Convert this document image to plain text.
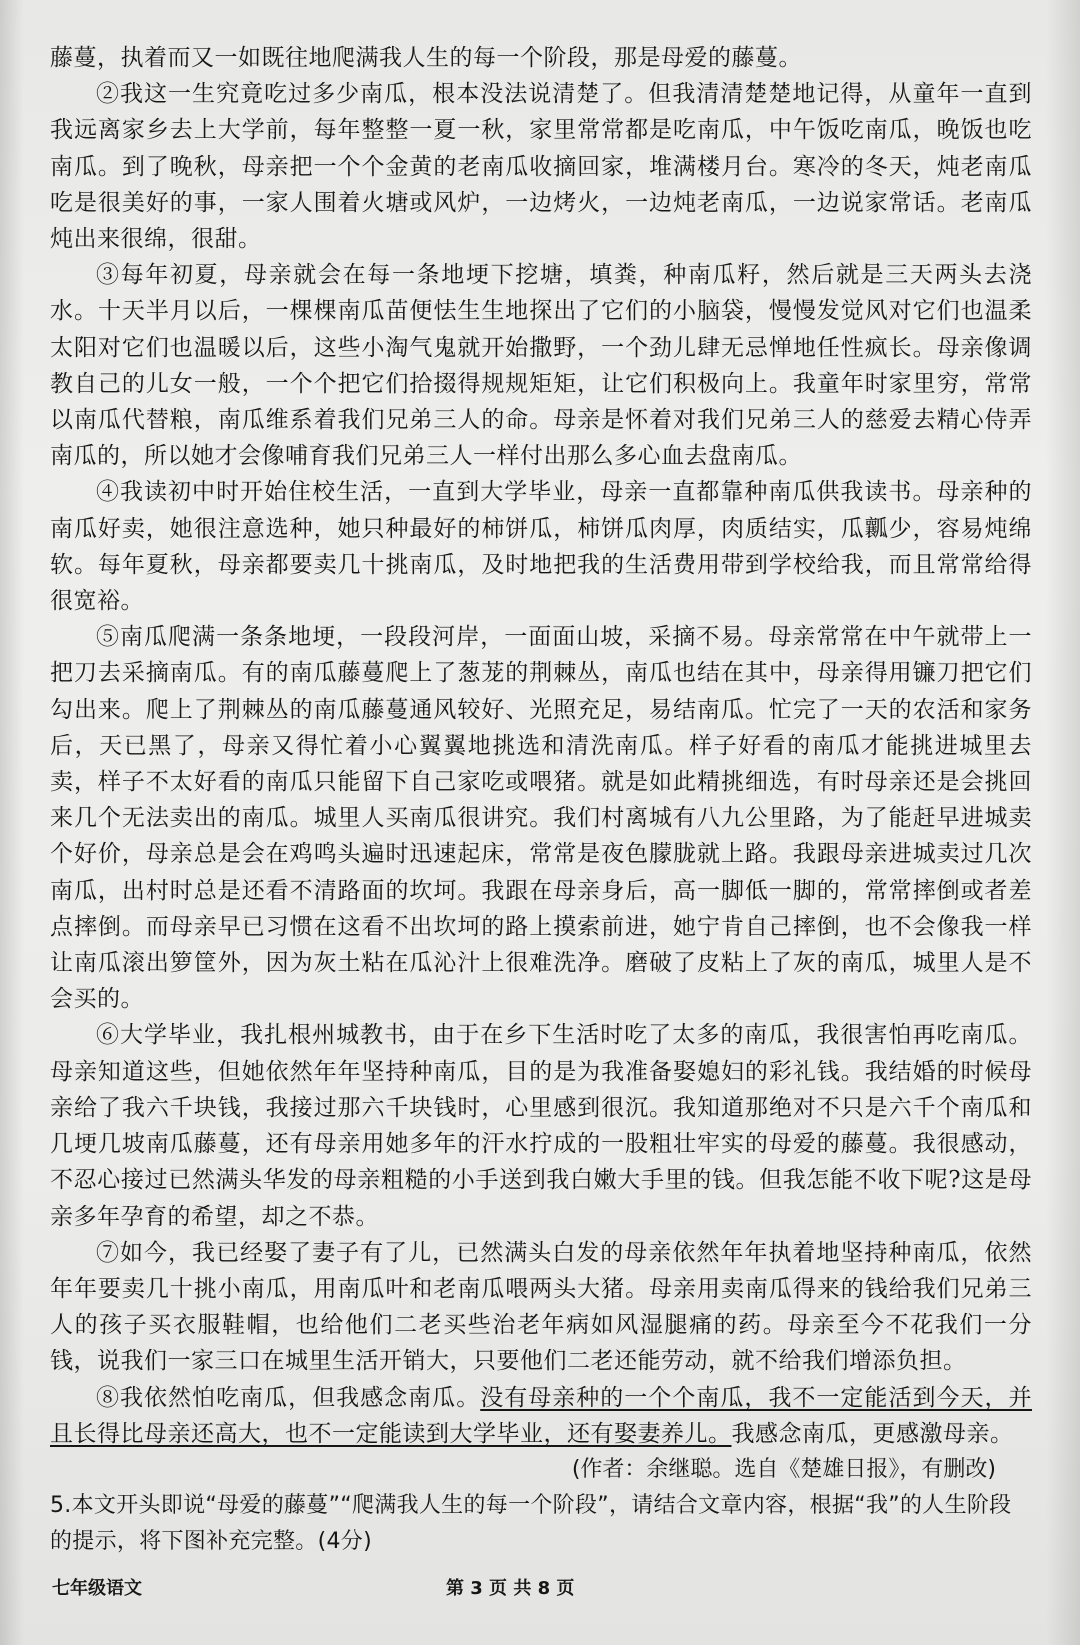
藤蔓，执着而又一如既往地爬满我人生的每一个阶段，那是母爱的藤蔓。

②我这一生究竟吃过多少南瓜，根本没法说清楚了。但我清清楚楚地记得，从童年一直到我远离家乡去上大学前，每年整整一夏一秋，家里常常都是吃南瓜，中午饭吃南瓜，晚饭也吃南瓜。到了晚秋，母亲把一个个金黄的老南瓜收摘回家，堆满楼月台。寒冷的冬天，炖老南瓜吃是很美好的事，一家人围着火塘或风炉，一边烤火，一边炖老南瓜，一边说家常话。老南瓜炖出来很绵，很甜。

③每年初夏，母亲就会在每一条地埂下挖塘，填粪，种南瓜籽，然后就是三天两头去浇水。十天半月以后，一棵棵南瓜苗便怯生生地探出了它们的小脑袋，慢慢发觉风对它们也温柔太阳对它们也温暖以后，这些小淘气鬼就开始撒野，一个劲儿肆无忌惮地任性疯长。母亲像调教自己的儿女一般，一个个把它们拾掇得规规矩矩，让它们积极向上。我童年时家里穷，常常以南瓜代替粮，南瓜维系着我们兄弟三人的命。母亲是怀着对我们兄弟三人的慈爱去精心侍弄南瓜的，所以她才会像哺育我们兄弟三人一样付出那么多心血去盘南瓜。

④我读初中时开始住校生活，一直到大学毕业，母亲一直都靠种南瓜供我读书。母亲种的南瓜好卖，她很注意选种，她只种最好的柿饼瓜，柿饼瓜肉厚，肉质结实，瓜瓤少，容易炖绵软。每年夏秋，母亲都要卖几十挑南瓜，及时地把我的生活费用带到学校给我，而且常常给得很宽裕。

⑤南瓜爬满一条条地埂，一段段河岸，一面面山坡，采摘不易。母亲常常在中午就带上一把刀去采摘南瓜。有的南瓜藤蔓爬上了葱茏的荆棘丛，南瓜也结在其中，母亲得用镰刀把它们勾出来。爬上了荆棘丛的南瓜藤蔓通风较好、光照充足，易结南瓜。忙完了一天的农活和家务后，天已黑了，母亲又得忙着小心翼翼地挑选和清洗南瓜。样子好看的南瓜才能挑进城里去卖，样子不太好看的南瓜只能留下自己家吃或喂猪。就是如此精挑细选，有时母亲还是会挑回来几个无法卖出的南瓜。城里人买南瓜很讲究。我们村离城有八九公里路，为了能赶早进城卖个好价，母亲总是会在鸡鸣头遍时迅速起床，常常是夜色朦胧就上路。我跟母亲进城卖过几次南瓜，出村时总是还看不清路面的坎坷。我跟在母亲身后，高一脚低一脚的，常常摔倒或者差点摔倒。而母亲早已习惯在这看不出坎坷的路上摸索前进，她宁肯自己摔倒，也不会像我一样让南瓜滚出箩筐外，因为灰土粘在瓜沁汁上很难洗净。磨破了皮粘上了灰的南瓜，城里人是不会买的。

⑥大学毕业，我扎根州城教书，由于在乡下生活时吃了太多的南瓜，我很害怕再吃南瓜。母亲知道这些，但她依然年年坚持种南瓜，目的是为我准备娶媳妇的彩礼钱。我结婚的时候母亲给了我六千块钱，我接过那六千块钱时，心里感到很沉。我知道那绝对不只是六千个南瓜和几埂几坡南瓜藤蔓，还有母亲用她多年的汗水拧成的一股粗壮牢实的母爱的藤蔓。我很感动，不忍心接过已然满头华发的母亲粗糙的小手送到我白嫩大手里的钱。但我怎能不收下呢?这是母亲多年孕育的希望，却之不恭。

⑦如今，我已经娶了妻子有了儿，已然满头白发的母亲依然年年执着地坚持种南瓜，依然年年要卖几十挑小南瓜，用南瓜叶和老南瓜喂两头大猪。母亲用卖南瓜得来的钱给我们兄弟三人的孩子买衣服鞋帽，也给他们二老买些治老年病如风湿腿痛的药。母亲至今不花我们一分钱，说我们一家三口在城里生活开销大，只要他们二老还能劳动，就不给我们增添负担。

⑧我依然怕吃南瓜，但我感念南瓜。没有母亲种的一个个南瓜，我不一定能活到今天，并且长得比母亲还高大，也不一定能读到大学毕业，还有娶妻养儿。我感念南瓜，更感激母亲。

(作者：余继聪。选自《楚雄日报》，有删改)

5.本文开头即说“母爱的藤蔓”“爬满我人生的每一个阶段”，请结合文章内容，根据“我”的人生阶段的提示，将下图补充完整。(4分)

七年级语文	第 3 页 共 8 页
